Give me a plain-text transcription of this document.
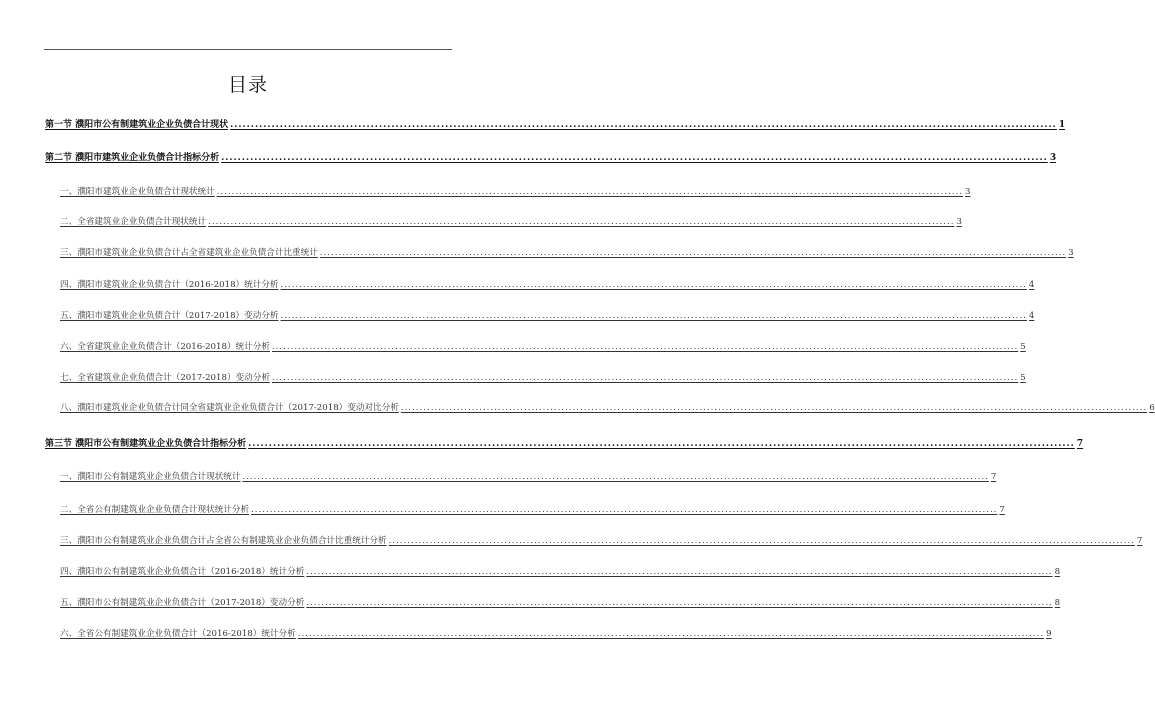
目录
第一节 濮阳市公有制建筑业企业负债合计现状 ........................................................................................................................................................................................................ 1
第二节 濮阳市建筑业企业负债合计指标分析 ........................................................................................................................................................................................................ 3
一、濮阳市建筑业企业负债合计现状统计 ........................................................................................................................................................................................................ 3
二、全省建筑业企业负债合计现状统计 ........................................................................................................................................................................................................ 3
三、濮阳市建筑业企业负债合计占全省建筑业企业负债合计比重统计 ........................................................................................................................................................................................................ 3
四、濮阳市建筑业企业负债合计（2016-2018）统计分析 ........................................................................................................................................................................................................ 4
五、濮阳市建筑业企业负债合计（2017-2018）变动分析 ........................................................................................................................................................................................................ 4
六、全省建筑业企业负债合计（2016-2018）统计分析 ........................................................................................................................................................................................................ 5
七、全省建筑业企业负债合计（2017-2018）变动分析 ........................................................................................................................................................................................................ 5
八、濮阳市建筑业企业负债合计同全省建筑业企业负债合计（2017-2018）变动对比分析 ........................................................................................................................................................................................................ 6
第三节 濮阳市公有制建筑业企业负债合计指标分析 ........................................................................................................................................................................................................ 7
一、濮阳市公有制建筑业企业负债合计现状统计 ........................................................................................................................................................................................................ 7
二、全省公有制建筑业企业负债合计现状统计分析 ........................................................................................................................................................................................................ 7
三、濮阳市公有制建筑业企业负债合计占全省公有制建筑业企业负债合计比重统计分析 ........................................................................................................................................................................................................ 7
四、濮阳市公有制建筑业企业负债合计（2016-2018）统计分析 ........................................................................................................................................................................................................ 8
五、濮阳市公有制建筑业企业负债合计（2017-2018）变动分析 ........................................................................................................................................................................................................ 8
六、全省公有制建筑业企业负债合计（2016-2018）统计分析 ........................................................................................................................................................................................................ 9
